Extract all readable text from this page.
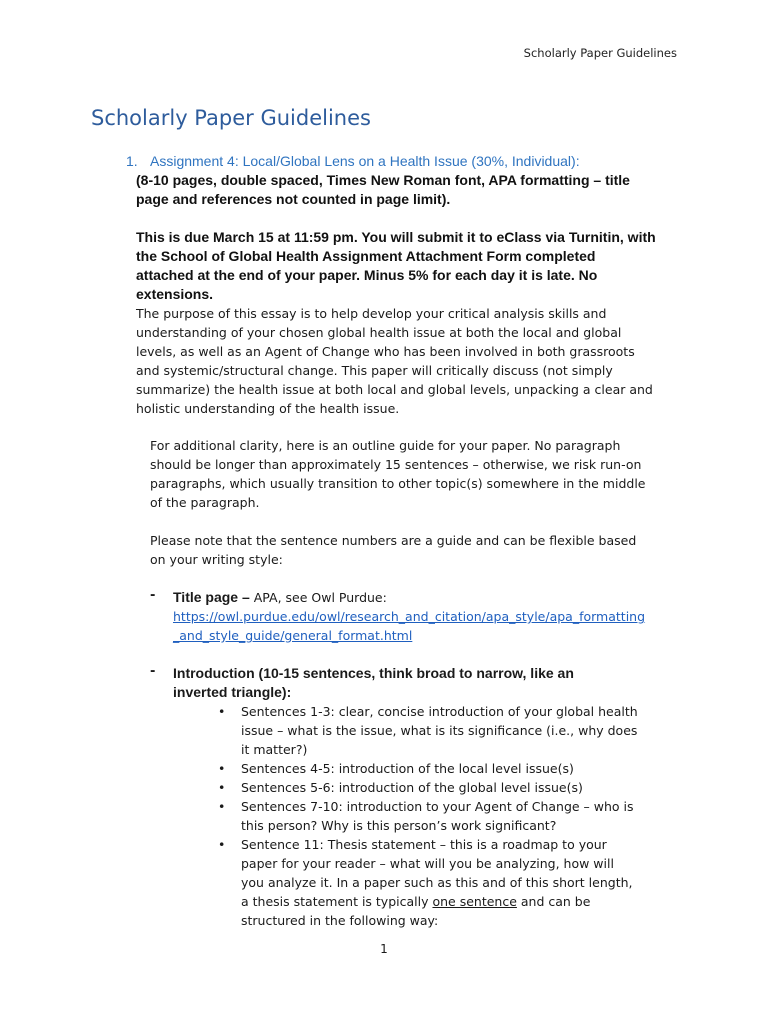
Scholarly Paper Guidelines
Scholarly Paper Guidelines
1. Assignment 4: Local/Global Lens on a Health Issue (30%, Individual):
(8-10 pages, double spaced, Times New Roman font, APA formatting – title page and references not counted in page limit).
This is due March 15 at 11:59 pm. You will submit it to eClass via Turnitin, with the School of Global Health Assignment Attachment Form completed attached at the end of your paper. Minus 5% for each day it is late. No extensions.
The purpose of this essay is to help develop your critical analysis skills and understanding of your chosen global health issue at both the local and global levels, as well as an Agent of Change who has been involved in both grassroots and systemic/structural change. This paper will critically discuss (not simply summarize) the health issue at both local and global levels, unpacking a clear and holistic understanding of the health issue.
For additional clarity, here is an outline guide for your paper. No paragraph should be longer than approximately 15 sentences – otherwise, we risk run-on paragraphs, which usually transition to other topic(s) somewhere in the middle of the paragraph.
Please note that the sentence numbers are a guide and can be flexible based on your writing style:
- Title page – APA, see Owl Purdue:
https://owl.purdue.edu/owl/research_and_citation/apa_style/apa_formatting_and_style_guide/general_format.html
- Introduction (10-15 sentences, think broad to narrow, like an inverted triangle):
• Sentences 1-3: clear, concise introduction of your global health issue – what is the issue, what is its significance (i.e., why does it matter?)
• Sentences 4-5: introduction of the local level issue(s)
• Sentences 5-6: introduction of the global level issue(s)
• Sentences 7-10: introduction to your Agent of Change – who is this person? Why is this person’s work significant?
• Sentence 11: Thesis statement – this is a roadmap to your paper for your reader – what will you be analyzing, how will you analyze it. In a paper such as this and of this short length, a thesis statement is typically one sentence and can be structured in the following way:
1
